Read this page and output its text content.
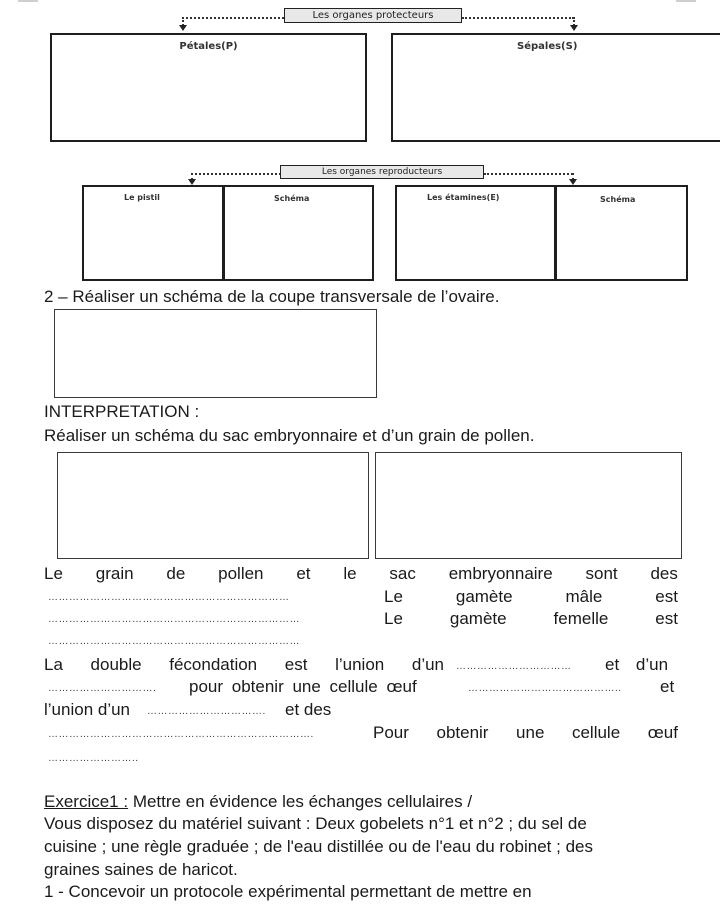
Les organes protecteurs
Pétales(P)	Sépales(S)
Les organes reproducteurs
Le pistil	Schéma	Les étamines(E)	Schéma
2 – Réaliser un schéma de la coupe transversale de l’ovaire.
INTERPRETATION :
Réaliser un schéma du sac embryonnaire et d’un grain de pollen.
Le grain de pollen et le sac embryonnaire sont des
……………………………………………………………	Le	gamète	mâle	est
………………………………………………………………	Le	gamète	femelle	est
………………………………………………………………
La double fécondation est l’union d’un ……………………………	et d’un
………………………….	pour obtenir une cellule œuf	……………………………………..	et
l’union d’un …………………………….	et des
………………………………………………………………….	Pour obtenir une cellule œuf
……………………..
Exercice1 : Mettre en évidence les échanges cellulaires /
Vous disposez du matériel suivant : Deux gobelets n°1 et n°2 ; du sel de
cuisine ; une règle graduée ; de l'eau distillée ou de l'eau du robinet ; des
graines saines de haricot.
1 - Concevoir un protocole expérimental permettant de mettre en
